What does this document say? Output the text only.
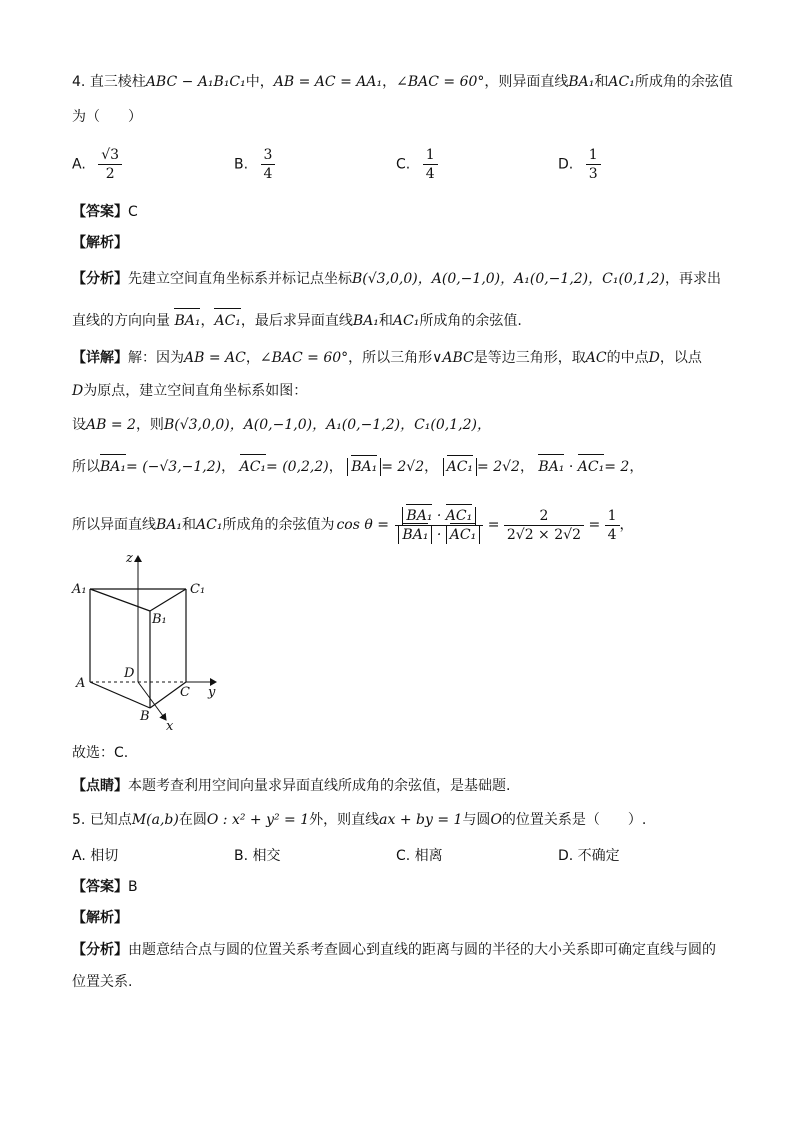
4. 直三棱柱ABC − A₁B₁C₁中，AB = AC = AA₁，∠BAC = 60°，则异面直线BA₁和AC₁所成角的余弦值
为（　　）
A. $\frac{√3}{2}$	B. $\frac{3}{4}$	C. $\frac{1}{4}$	D. $\frac{1}{3}$
【答案】C
【解析】
【分析】先建立空间直角坐标系并标记点坐标B(√3,0,0)，A(0,−1,0)，A₁(0,−1,2)，C₁(0,1,2)，再求出
直线的方向向量 BA₁，AC₁，最后求异面直线BA₁和AC₁所成角的余弦值.
【详解】解：因为AB = AC，∠BAC = 60°，所以三角形∨ABC是等边三角形，取AC的中点D，以点
D为原点，建立空间直角坐标系如图：
设AB = 2，则B(√3,0,0)，A(0,−1,0)，A₁(0,−1,2)，C₁(0,1,2)，
所以BA₁= (−√3,−1,2)， AC₁= (0,2,2)， BA₁ = 2√2， AC₁ = 2√2， BA₁ · AC₁= 2，
所以异面直线BA₁和AC₁所成角的余弦值为 $\cos \theta = \frac{\text{BA₁ · AC₁}}{\text{BA₁ · AC₁}} = \frac{2}{2√2 \times 2√2} = \frac{1}{4}$ ，
z
y
x
A₁	C₁
B₁
A
D
C
B
故选：C.
【点睛】本题考查利用空间向量求异面直线所成角的余弦值，是基础题.
5. 已知点M(a,b)在圆O : x² + y² = 1外，则直线ax + by = 1与圆O的位置关系是（　　）.
A. 相切	B. 相交	C. 相离	D. 不确定
【答案】B
【解析】
【分析】由题意结合点与圆的位置关系考查圆心到直线的距离与圆的半径的大小关系即可确定直线与圆的
位置关系.
